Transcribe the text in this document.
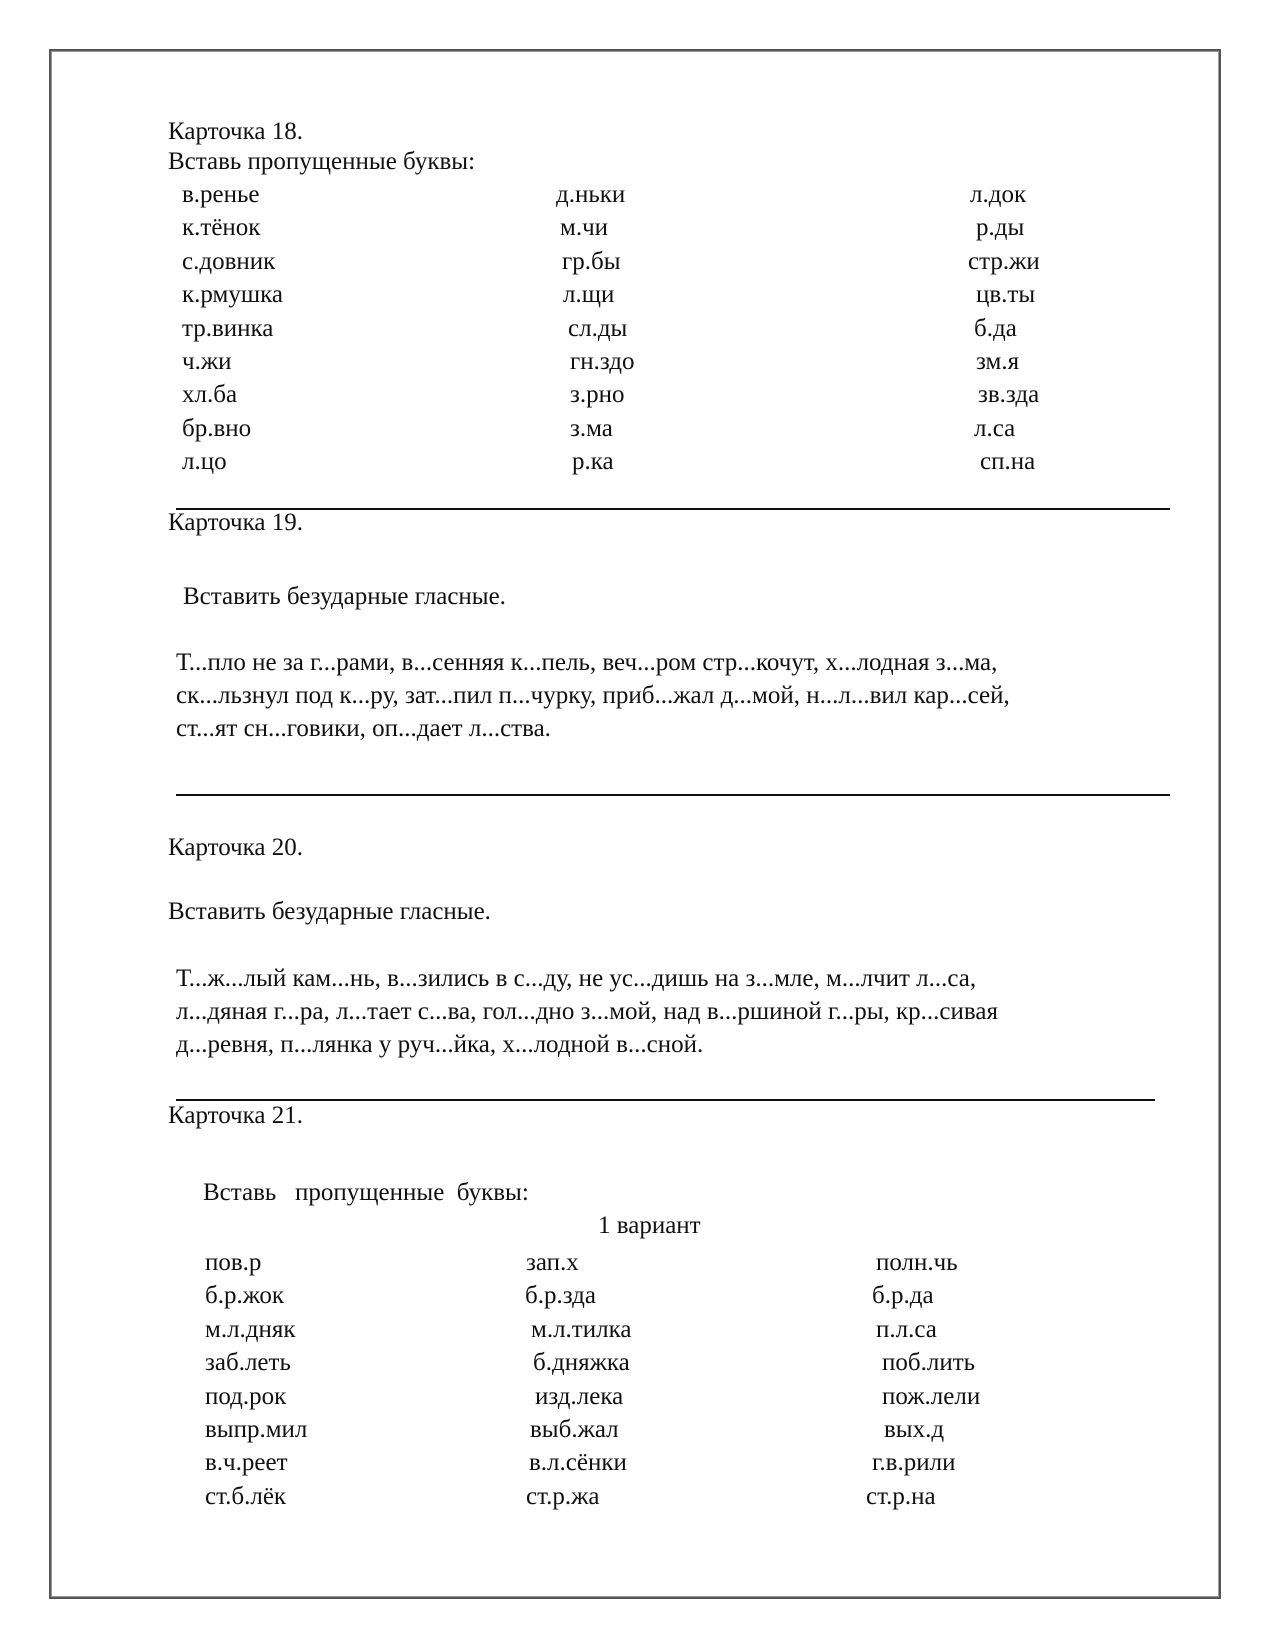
Карточка 18.
Вставь пропущенные буквы:
в.ренье
к.тёнок
с.довник
к.рмушка
тр.винка
ч.жи
хл.ба
бр.вно
л.цо
д.ньки
м.чи
гр.бы
л.щи
сл.ды
гн.здо
з.рно
з.ма
р.ка
л.док
р.ды
стр.жи
цв.ты
б.да
зм.я
зв.зда
л.са
сп.на
Карточка 19.
Вставить безударные гласные.
Т...пло не за г...рами, в...сенняя к...пель, веч...ром стр...кочут, х...лодная з...ма,
ск...льзнул под к...ру, зат...пил п...чурку, приб...жал д...мой, н...л...вил кар...сей,
ст...ят сн...говики, оп...дает л...ства.
Карточка 20.
Вставить безударные гласные.
Т...ж...лый кам...нь, в...зились в с...ду, не ус...дишь на з...мле, м...лчит л...са,
л...дяная г...ра, л...тает с...ва, гол...дно з...мой, над в...ршиной г...ры, кр...сивая
д...ревня, п...лянка у руч...йка, х...лодной в...сной.
Карточка 21.
Вставь   пропущенные  буквы:
1 вариант
пов.р
б.р.жок
м.л.дняк
заб.леть
под.рок
выпр.мил
в.ч.реет
ст.б.лёк
зап.х
б.р.зда
м.л.тилка
б.дняжка
изд.лека
выб.жал
в.л.сёнки
ст.р.жа
полн.чь
б.р.да
п.л.са
поб.лить
пож.лели
вых.д
г.в.рили
ст.р.на
